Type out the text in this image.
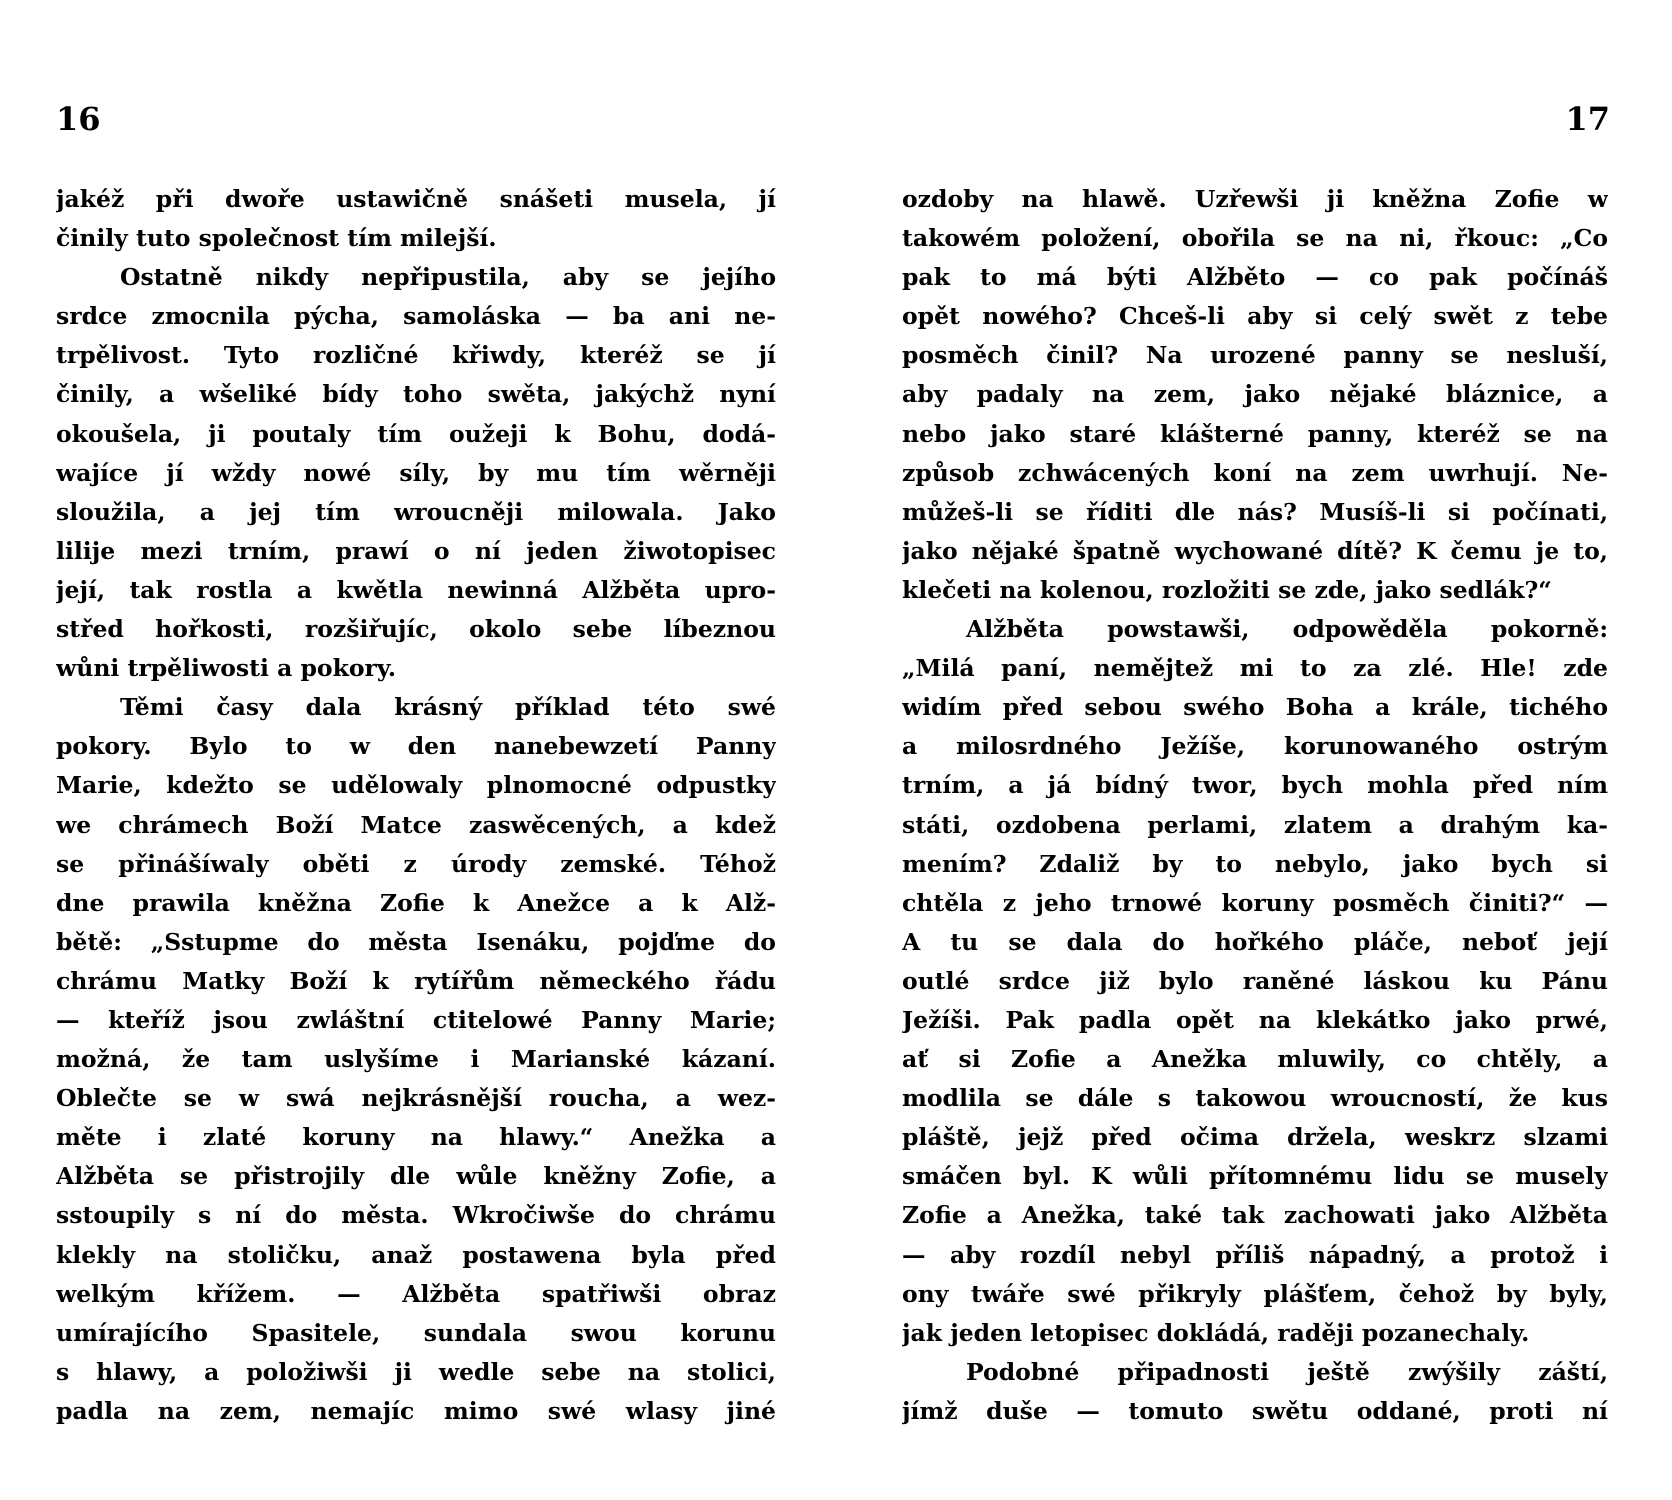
16
jakéž při dwoře ustawičně snášeti musela, jí
činily tuto společnost tím milejší.
Ostatně nikdy nepřipustila, aby se jejího
srdce zmocnila pýcha, samoláska — ba ani ne-
trpělivost. Tyto rozličné křiwdy, kteréž se jí
činily, a wšeliké bídy toho swěta, jakýchž nyní
okoušela, ji poutaly tím oužeji k Bohu, dodá-
wajíce jí wždy nowé síly, by mu tím wěrněji
sloužila, a jej tím wroucněji milowala. Jako
lilije mezi trním, prawí o ní jeden žiwotopisec
její, tak rostla a kwětla newinná Alžběta upro-
střed hořkosti, rozšiřujíc, okolo sebe líbeznou
wůni trpěliwosti a pokory.
Těmi časy dala krásný příklad této swé
pokory. Bylo to w den nanebewzetí Panny
Marie, kdežto se udělowaly plnomocné odpustky
we chrámech Boží Matce zaswěcených, a kdež
se přinášíwaly oběti z úrody zemské. Téhož
dne prawila kněžna Zofie k Anežce a k Alž-
bětě: „Sstupme do města Isenáku, pojďme do
chrámu Matky Boží k rytířům německého řádu
— kteříž jsou zwláštní ctitelowé Panny Marie;
možná, že tam uslyšíme i Marianské kázaní.
Oblečte se w swá nejkrásnější roucha, a wez-
měte i zlaté koruny na hlawy.“ Anežka a
Alžběta se přistrojily dle wůle kněžny Zofie, a
sstoupily s ní do města. Wkročiwše do chrámu
klekly na stoličku, anaž postawena byla před
welkým křížem. — Alžběta spatřiwši obraz
umírajícího Spasitele, sundala swou korunu
s hlawy, a položiwši ji wedle sebe na stolici,
padla na zem, nemajíc mimo swé wlasy jiné
17
ozdoby na hlawě. Uzřewši ji kněžna Zofie w
takowém položení, obořila se na ni, řkouc: „Co
pak to má býti Alžběto — co pak počínáš
opět nowého? Chceš-li aby si celý swět z tebe
posměch činil? Na urozené panny se nesluší,
aby padaly na zem, jako nějaké bláznice, a
nebo jako staré klášterné panny, kteréž se na
způsob zchwácených koní na zem uwrhují. Ne-
můžeš-li se říditi dle nás? Musíš-li si počínati,
jako nějaké špatně wychowané dítě? K čemu je to,
klečeti na kolenou, rozložiti se zde, jako sedlák?“
Alžběta powstawši, odpowěděla pokorně:
„Milá paní, nemějtež mi to za zlé. Hle! zde
widím před sebou swého Boha a krále, tichého
a milosrdného Ježíše, korunowaného ostrým
trním, a já bídný twor, bych mohla před ním
státi, ozdobena perlami, zlatem a drahým ka-
mením? Zdaliž by to nebylo, jako bych si
chtěla z jeho trnowé koruny posměch činiti?“ —
A tu se dala do hořkého pláče, neboť její
outlé srdce již bylo raněné láskou ku Pánu
Ježíši. Pak padla opět na klekátko jako prwé,
ať si Zofie a Anežka mluwily, co chtěly, a
modlila se dále s takowou wroucností, že kus
pláště, jejž před očima držela, weskrz slzami
smáčen byl. K wůli přítomnému lidu se musely
Zofie a Anežka, také tak zachowati jako Alžběta
— aby rozdíl nebyl příliš nápadný, a protož i
ony twáře swé přikryly plášťem, čehož by byly,
jak jeden letopisec dokládá, raději pozanechaly.
Podobné připadnosti ještě zwýšily záští,
jímž duše — tomuto swětu oddané, proti ní
